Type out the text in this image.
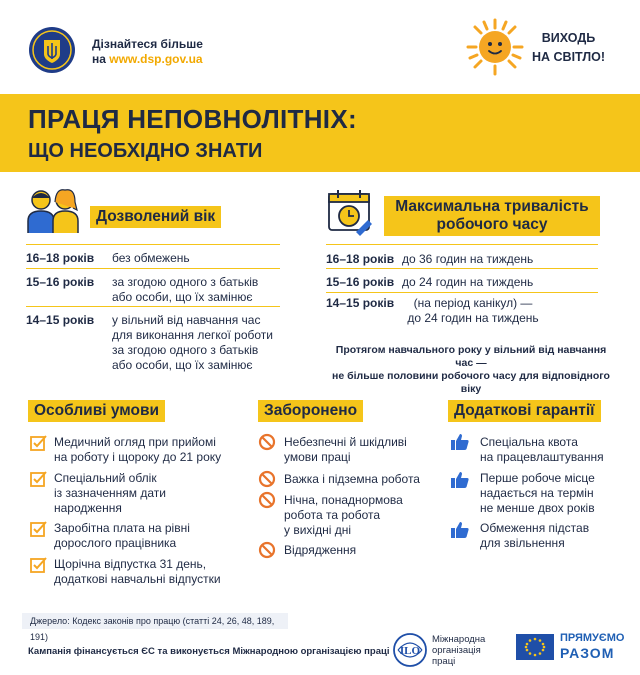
Дізнайтеся більше
на www.dsp.gov.ua
ВИХОДЬ
НА СВІТЛО!
ПРАЦЯ НЕПОВНОЛІТНІХ:
ЩО НЕОБХІДНО ЗНАТИ
Дозволений вік
16–18 років без обмежень
15–16 років за згодою одного з батьків
або особи, що їх замінює
14–15 років у вільний від навчання час
для виконання легкої роботи
за згодою одного з батьків
або особи, що їх замінює
Максимальна тривалість
робочого часу
16–18 років до 36 годин на тиждень
15–16 років до 24 годин на тиждень
14–15 років	(на період канікул) —
до 24 годин на тиждень
Протягом навчального року у вільний від навчання час —
не більше половини робочого часу для відповідного віку
Особливі умови
Медичний огляд при прийомі
на роботу і щороку до 21 року
Спеціальний облік
із зазначенням дати
народження
Заробітна плата на рівні
дорослого працівника
Щорічна відпустка 31 день,
додаткові навчальні відпустки
Заборонено
Небезпечні й шкідливі
умови праці
Важка і підземна робота
Нічна, понаднормова
робота та робота
у вихідні дні
Відрядження
Додаткові гарантії
Спеціальна квота
на працевлаштування
Перше робоче місце
надається на термін
не менше двох років
Обмеження підстав
для звільнення
Джерело: Кодекс законів про працю (статті 24, 26, 48, 189, 191)
Кампанія фінансується ЄС та виконується Міжнародною організацією праці ILO
Міжнародна
організація
праці
ПРЯМУЄМО
РАЗОМ
